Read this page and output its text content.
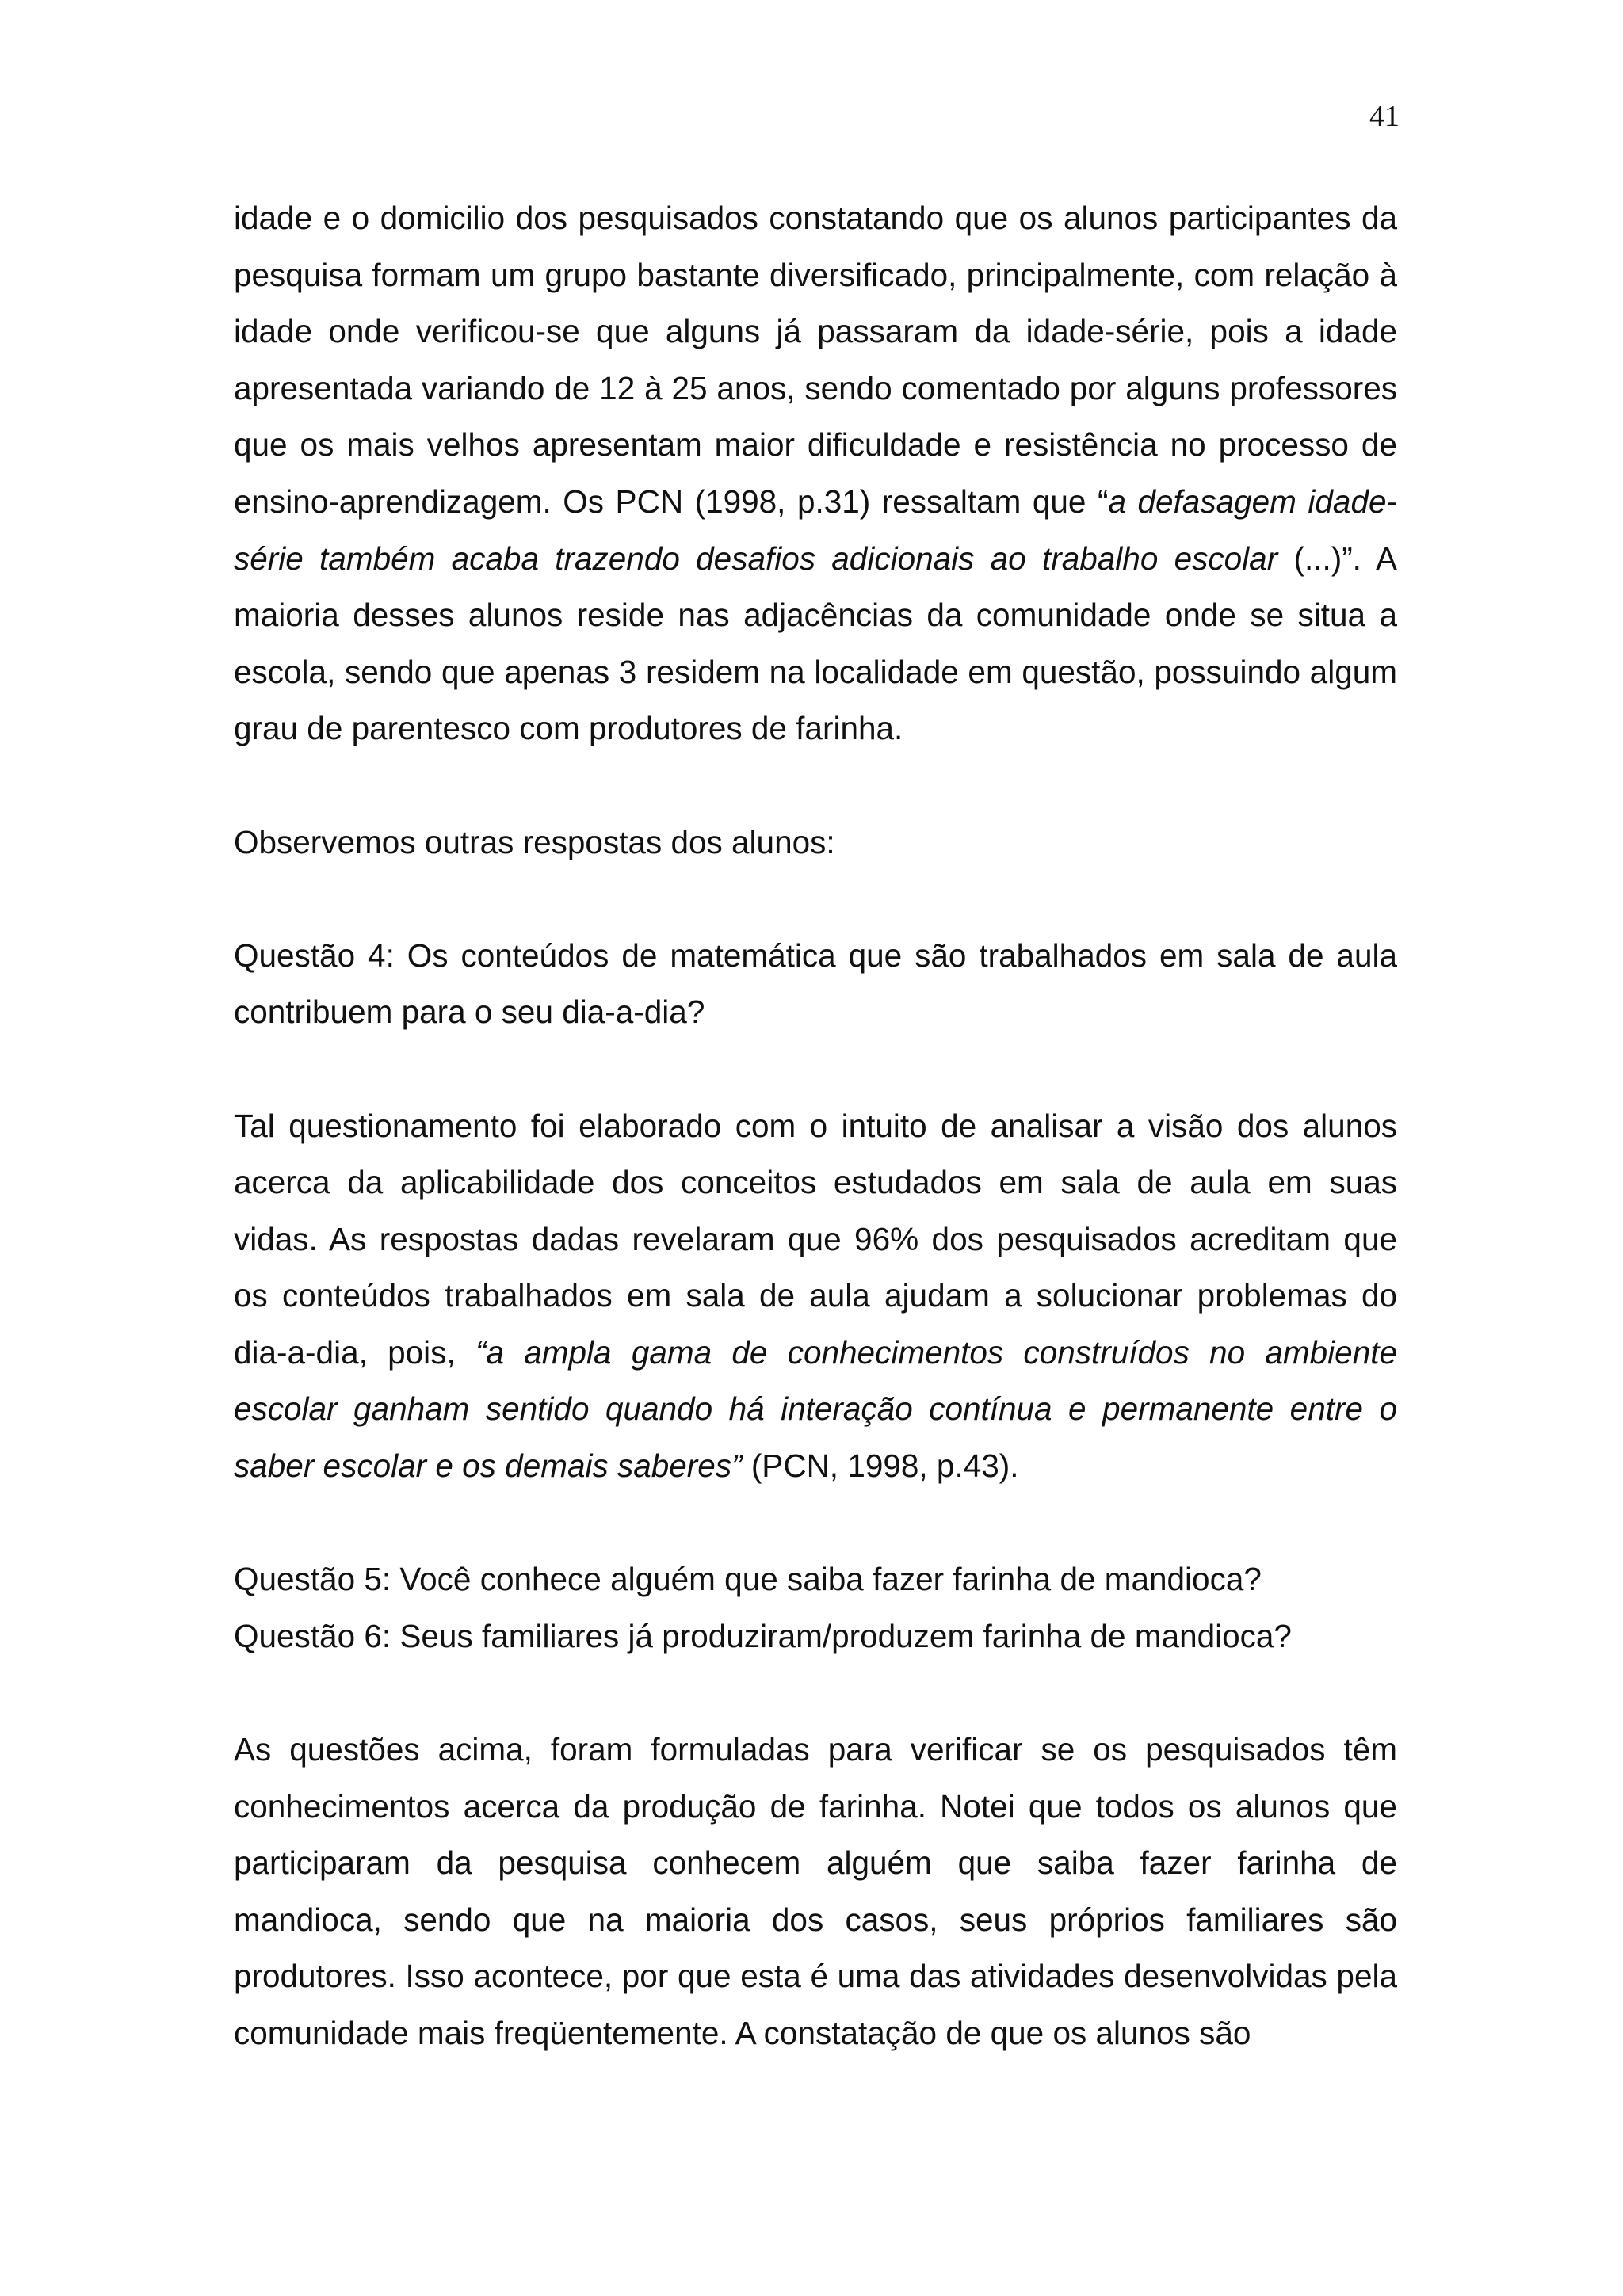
41

idade e o domicilio dos pesquisados constatando que os alunos participantes da pesquisa formam um grupo bastante diversificado, principalmente, com relação à idade onde verificou-se que alguns já passaram da idade-série, pois a idade apresentada variando de 12 à 25 anos, sendo comentado por alguns professores que os mais velhos apresentam maior dificuldade e resistência no processo de ensino-aprendizagem. Os PCN (1998, p.31) ressaltam que “a defasagem idade-série também acaba trazendo desafios adicionais ao trabalho escolar (...)”. A maioria desses alunos reside nas adjacências da comunidade onde se situa a escola, sendo que apenas 3 residem na localidade em questão, possuindo algum grau de parentesco com produtores de farinha.

Observemos outras respostas dos alunos:

Questão 4: Os conteúdos de matemática que são trabalhados em sala de aula contribuem para o seu dia-a-dia?

Tal questionamento foi elaborado com o intuito de analisar a visão dos alunos acerca da aplicabilidade dos conceitos estudados em sala de aula em suas vidas. As respostas dadas revelaram que 96% dos pesquisados acreditam que os conteúdos trabalhados em sala de aula ajudam a solucionar problemas do dia-a-dia, pois, “a ampla gama de conhecimentos construídos no ambiente escolar ganham sentido quando há interação contínua e permanente entre o saber escolar e os demais saberes” (PCN, 1998, p.43).

Questão 5: Você conhece alguém que saiba fazer farinha de mandioca?

Questão 6: Seus familiares já produziram/produzem farinha de mandioca?

As questões acima, foram formuladas para verificar se os pesquisados têm conhecimentos acerca da produção de farinha. Notei que todos os alunos que participaram da pesquisa conhecem alguém que saiba fazer farinha de mandioca, sendo que na maioria dos casos, seus próprios familiares são produtores. Isso acontece, por que esta é uma das atividades desenvolvidas pela comunidade mais freqüentemente. A constatação de que os alunos são
